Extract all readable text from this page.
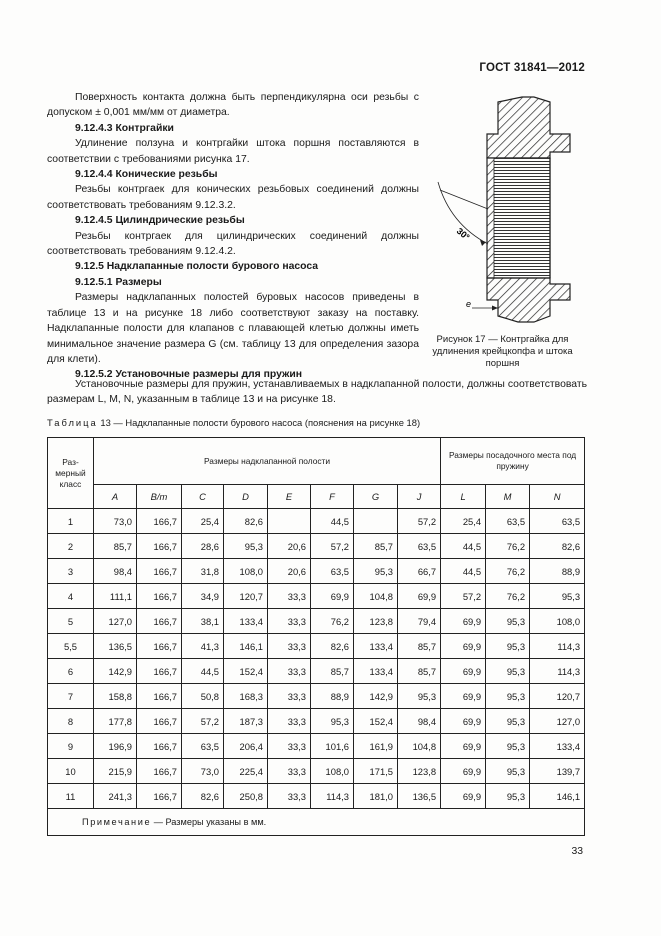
ГОСТ 31841—2012

Поверхность контакта должна быть перпендикулярна оси резьбы с допуском ± 0,001 мм/мм от диаметра.

9.12.4.3 Контргайки

Удлинение ползуна и контргайки штока поршня поставляются в соответствии с требованиями рисунка 17.

9.12.4.4 Конические резьбы

Резьбы контргаек для конических резьбовых соединений должны соответствовать требованиям 9.12.3.2.

9.12.4.5 Цилиндрические резьбы

Резьбы контргаек для цилиндрических соединений должны соответствовать требованиям 9.12.4.2.

9.12.5 Надклапанные полости бурового насоса

9.12.5.1 Размеры

Размеры надклапанных полостей буровых насосов приведены в таблице 13 и на рисунке 18 либо соответствуют заказу на поставку. Надклапанные полости для клапанов с плавающей клетью должны иметь минимальное значение размера G (см. таблицу 13 для определения зазора для клети).

9.12.5.2 Установочные размеры для пружин

Установочные размеры для пружин, устанавливаемых в надклапанной полости, должны соответствовать размерам L, M, N, указанным в таблице 13 и на рисунке 18.

30°
e
Рисунок 17 — Контргайка для удлинения крейцкопфа и штока поршня
Таблица 13 — Надклапанные полости бурового насоса (пояснения на рисунке 18)
Раз-
мерный
класс	Размеры надклапанной полости								Размеры посадочного места под пружину		
	A	B/m	C	D	E	F	G	J	L	M	N
1	73,0	166,7	25,4	82,6		44,5		57,2	25,4	63,5	63,5
2	85,7	166,7	28,6	95,3	20,6	57,2	85,7	63,5	44,5	76,2	82,6
3	98,4	166,7	31,8	108,0	20,6	63,5	95,3	66,7	44,5	76,2	88,9
4	111,1	166,7	34,9	120,7	33,3	69,9	104,8	69,9	57,2	76,2	95,3
5	127,0	166,7	38,1	133,4	33,3	76,2	123,8	79,4	69,9	95,3	108,0
5,5	136,5	166,7	41,3	146,1	33,3	82,6	133,4	85,7	69,9	95,3	114,3
6	142,9	166,7	44,5	152,4	33,3	85,7	133,4	85,7	69,9	95,3	114,3
7	158,8	166,7	50,8	168,3	33,3	88,9	142,9	95,3	69,9	95,3	120,7
8	177,8	166,7	57,2	187,3	33,3	95,3	152,4	98,4	69,9	95,3	127,0
9	196,9	166,7	63,5	206,4	33,3	101,6	161,9	104,8	69,9	95,3	133,4
10	215,9	166,7	73,0	225,4	33,3	108,0	171,5	123,8	69,9	95,3	139,7
11	241,3	166,7	82,6	250,8	33,3	114,3	181,0	136,5	69,9	95,3	146,1
Примечание — Размеры указаны в мм.											
33
